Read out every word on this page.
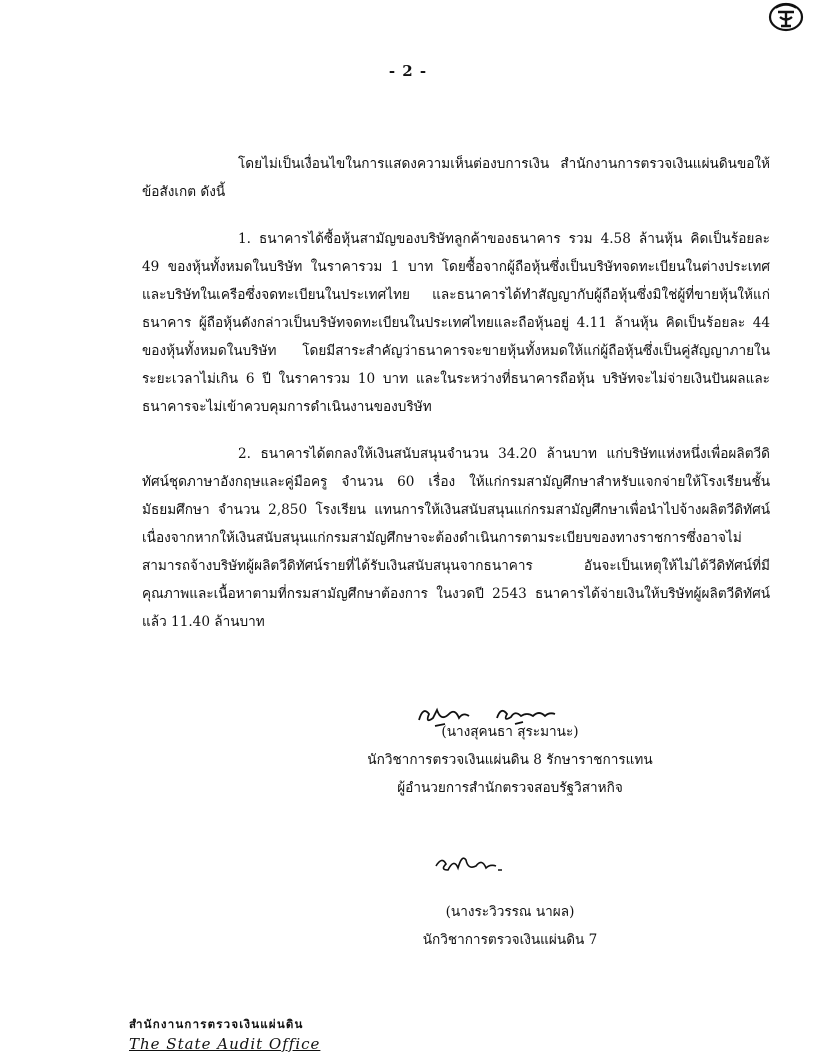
- 2 -

โดยไม่เป็นเงื่อนไขในการแสดงความเห็นต่องบการเงิน สำนักงานการตรวจเงินแผ่นดินขอให้ข้อสังเกต ดังนี้

1. ธนาคารได้ซื้อหุ้นสามัญของบริษัทลูกค้าของธนาคาร รวม 4.58 ล้านหุ้น คิดเป็นร้อยละ 49 ของหุ้นทั้งหมดในบริษัท ในราคารวม 1 บาท โดยซื้อจากผู้ถือหุ้นซึ่งเป็นบริษัทจดทะเบียนในต่างประเทศและบริษัทในเครือซึ่งจดทะเบียนในประเทศไทย และธนาคารได้ทำสัญญากับผู้ถือหุ้นซึ่งมิใช่ผู้ที่ขายหุ้นให้แก่ธนาคาร ผู้ถือหุ้นดังกล่าวเป็นบริษัทจดทะเบียนในประเทศไทยและถือหุ้นอยู่ 4.11 ล้านหุ้น คิดเป็นร้อยละ 44 ของหุ้นทั้งหมดในบริษัท โดยมีสาระสำคัญว่าธนาคารจะขายหุ้นทั้งหมดให้แก่ผู้ถือหุ้นซึ่งเป็นคู่สัญญาภายในระยะเวลาไม่เกิน 6 ปี ในราคารวม 10 บาท และในระหว่างที่ธนาคารถือหุ้น บริษัทจะไม่จ่ายเงินปันผลและธนาคารจะไม่เข้าควบคุมการดำเนินงานของบริษัท

2. ธนาคารได้ตกลงให้เงินสนับสนุนจำนวน 34.20 ล้านบาท แก่บริษัทแห่งหนึ่งเพื่อผลิตวีดิทัศน์ชุดภาษาอังกฤษและคู่มือครู จำนวน 60 เรื่อง ให้แก่กรมสามัญศึกษาสำหรับแจกจ่ายให้โรงเรียนชั้นมัธยมศึกษา จำนวน 2,850 โรงเรียน แทนการให้เงินสนับสนุนแก่กรมสามัญศึกษาเพื่อนำไปจ้างผลิตวีดิทัศน์ เนื่องจากหากให้เงินสนับสนุนแก่กรมสามัญศึกษาจะต้องดำเนินการตามระเบียบของทางราชการซึ่งอาจไม่สามารถจ้างบริษัทผู้ผลิตวีดิทัศน์รายที่ได้รับเงินสนับสนุนจากธนาคาร อันจะเป็นเหตุให้ไม่ได้วีดิทัศน์ที่มีคุณภาพและเนื้อหาตามที่กรมสามัญศึกษาต้องการ ในงวดปี 2543 ธนาคารได้จ่ายเงินให้บริษัทผู้ผลิตวีดิทัศน์แล้ว 11.40 ล้านบาท

(นางสุคนธา สุระมานะ)
นักวิชาการตรวจเงินแผ่นดิน 8 รักษาราชการแทน
ผู้อำนวยการสำนักตรวจสอบรัฐวิสาหกิจ
(นางระวิวรรณ นาผล)
นักวิชาการตรวจเงินแผ่นดิน 7
สำนักงานการตรวจเงินแผ่นดิน
The State Audit Office
